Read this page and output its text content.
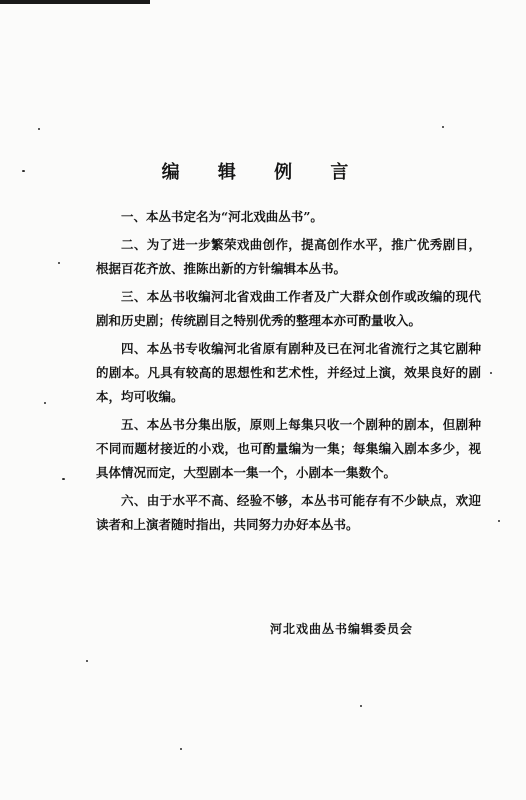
编 辑 例 言

一、本丛书定名为“河北戏曲丛书”。

二、为了进一步繁荣戏曲创作，提高创作水平，推广优秀剧目，根据百花齐放、推陈出新的方针编辑本丛书。

三、本丛书收编河北省戏曲工作者及广大群众创作或改编的现代剧和历史剧；传统剧目之特别优秀的整理本亦可酌量收入。

四、本丛书专收编河北省原有剧种及已在河北省流行之其它剧种的剧本。凡具有较高的思想性和艺术性，并经过上演，效果良好的剧本，均可收编。

五、本丛书分集出版，原则上每集只收一个剧种的剧本，但剧种不同而题材接近的小戏，也可酌量编为一集；每集编入剧本多少，视具体情况而定，大型剧本一集一个，小剧本一集数个。

六、由于水平不高、经验不够，本丛书可能存有不少缺点，欢迎读者和上演者随时指出，共同努力办好本丛书。

河北戏曲丛书编辑委员会
